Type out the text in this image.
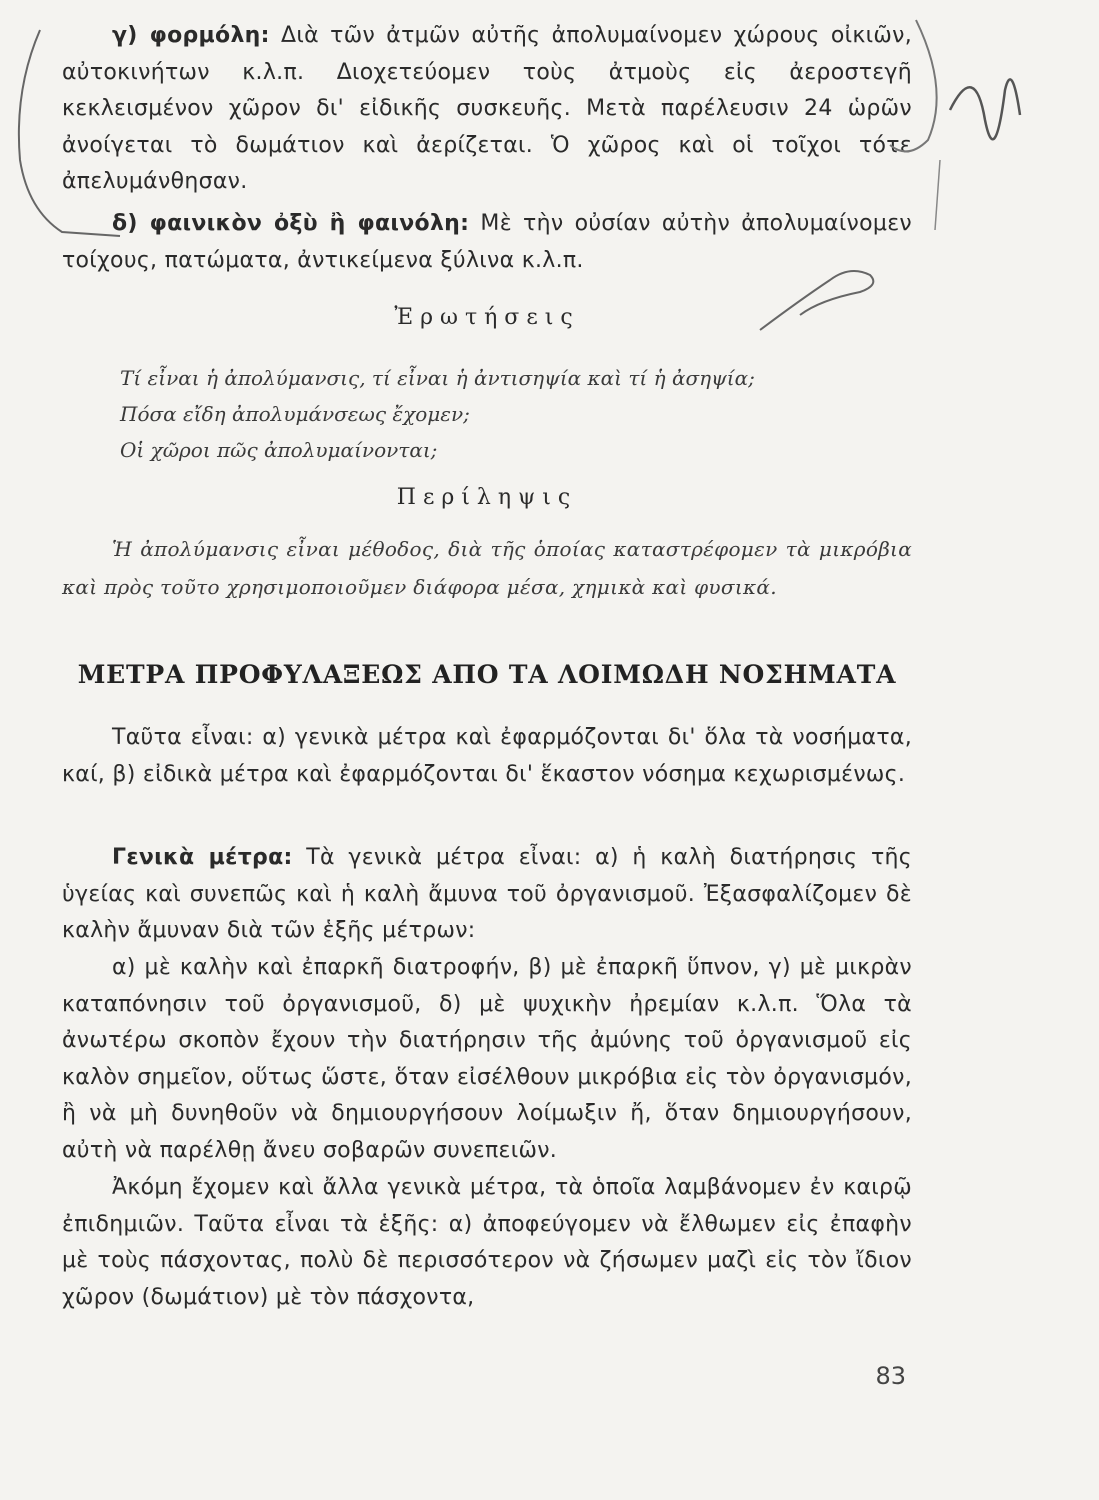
γ) φορμόλη: Διὰ τῶν ἀτμῶν αὐτῆς ἀπολυμαίνομεν χώρους οἰκιῶν, αὐτοκινήτων κ.λ.π. Διοχετεύομεν τοὺς ἀτμοὺς εἰς ἀεροστεγῆ κεκλεισμένον χῶρον δι' εἰδικῆς συσκευῆς. Μετὰ παρέλευσιν 24 ὡρῶν ἀνοίγεται τὸ δωμάτιον καὶ ἀερίζεται. Ὁ χῶρος καὶ οἱ τοῖχοι τότε ἀπελυμάνθησαν.

δ) φαινικὸν ὀξὺ ἢ φαινόλη: Μὲ τὴν οὐσίαν αὐτὴν ἀπολυμαίνομεν τοίχους, πατώματα, ἀντικείμενα ξύλινα κ.λ.π.

Ἐρωτήσεις

Τί εἶναι ἡ ἀπολύμανσις, τί εἶναι ἡ ἀντισηψία καὶ τί ἡ ἀσηψία;

Πόσα εἴδη ἀπολυμάνσεως ἔχομεν;

Οἱ χῶροι πῶς ἀπολυμαίνονται;

Περίληψις

Ἡ ἀπολύμανσις εἶναι μέθοδος, διὰ τῆς ὁποίας καταστρέφομεν τὰ μικρόβια καὶ πρὸς τοῦτο χρησιμοποιοῦμεν διάφορα μέσα, χημικὰ καὶ φυσικά.

ΜΕΤΡΑ ΠΡΟΦΥΛΑΞΕΩΣ ΑΠΟ ΤΑ ΛΟΙΜΩΔΗ ΝΟΣΗΜΑΤΑ

Ταῦτα εἶναι: α) γενικὰ μέτρα καὶ ἐφαρμόζονται δι' ὅλα τὰ νοσήματα, καί, β) εἰδικὰ μέτρα καὶ ἐφαρμόζονται δι' ἕκαστον νόσημα κεχωρισμένως.

Γενικὰ μέτρα: Τὰ γενικὰ μέτρα εἶναι: α) ἡ καλὴ διατήρησις τῆς ὑγείας καὶ συνεπῶς καὶ ἡ καλὴ ἄμυνα τοῦ ὀργανισμοῦ. Ἐξασφαλίζομεν δὲ καλὴν ἄμυναν διὰ τῶν ἑξῆς μέτρων:

α) μὲ καλὴν καὶ ἐπαρκῆ διατροφήν, β) μὲ ἐπαρκῆ ὕπνον, γ) μὲ μικρὰν καταπόνησιν τοῦ ὀργανισμοῦ, δ) μὲ ψυχικὴν ἠρεμίαν κ.λ.π. Ὅλα τὰ ἀνωτέρω σκοπὸν ἔχουν τὴν διατήρησιν τῆς ἀμύνης τοῦ ὀργανισμοῦ εἰς καλὸν σημεῖον, οὕτως ὥστε, ὅταν εἰσέλθουν μικρόβια εἰς τὸν ὀργανισμόν, ἢ νὰ μὴ δυνηθοῦν νὰ δημιουργήσουν λοίμωξιν ἤ, ὅταν δημιουργήσουν, αὐτὴ νὰ παρέλθῃ ἄνευ σοβαρῶν συνεπειῶν.

Ἀκόμη ἔχομεν καὶ ἄλλα γενικὰ μέτρα, τὰ ὁποῖα λαμβάνομεν ἐν καιρῷ ἐπιδημιῶν. Ταῦτα εἶναι τὰ ἑξῆς: α) ἀποφεύγομεν νὰ ἔλθωμεν εἰς ἐπαφὴν μὲ τοὺς πάσχοντας, πολὺ δὲ περισσότερον νὰ ζήσωμεν μαζὶ εἰς τὸν ἴδιον χῶρον (δωμάτιον) μὲ τὸν πάσχοντα,

83
